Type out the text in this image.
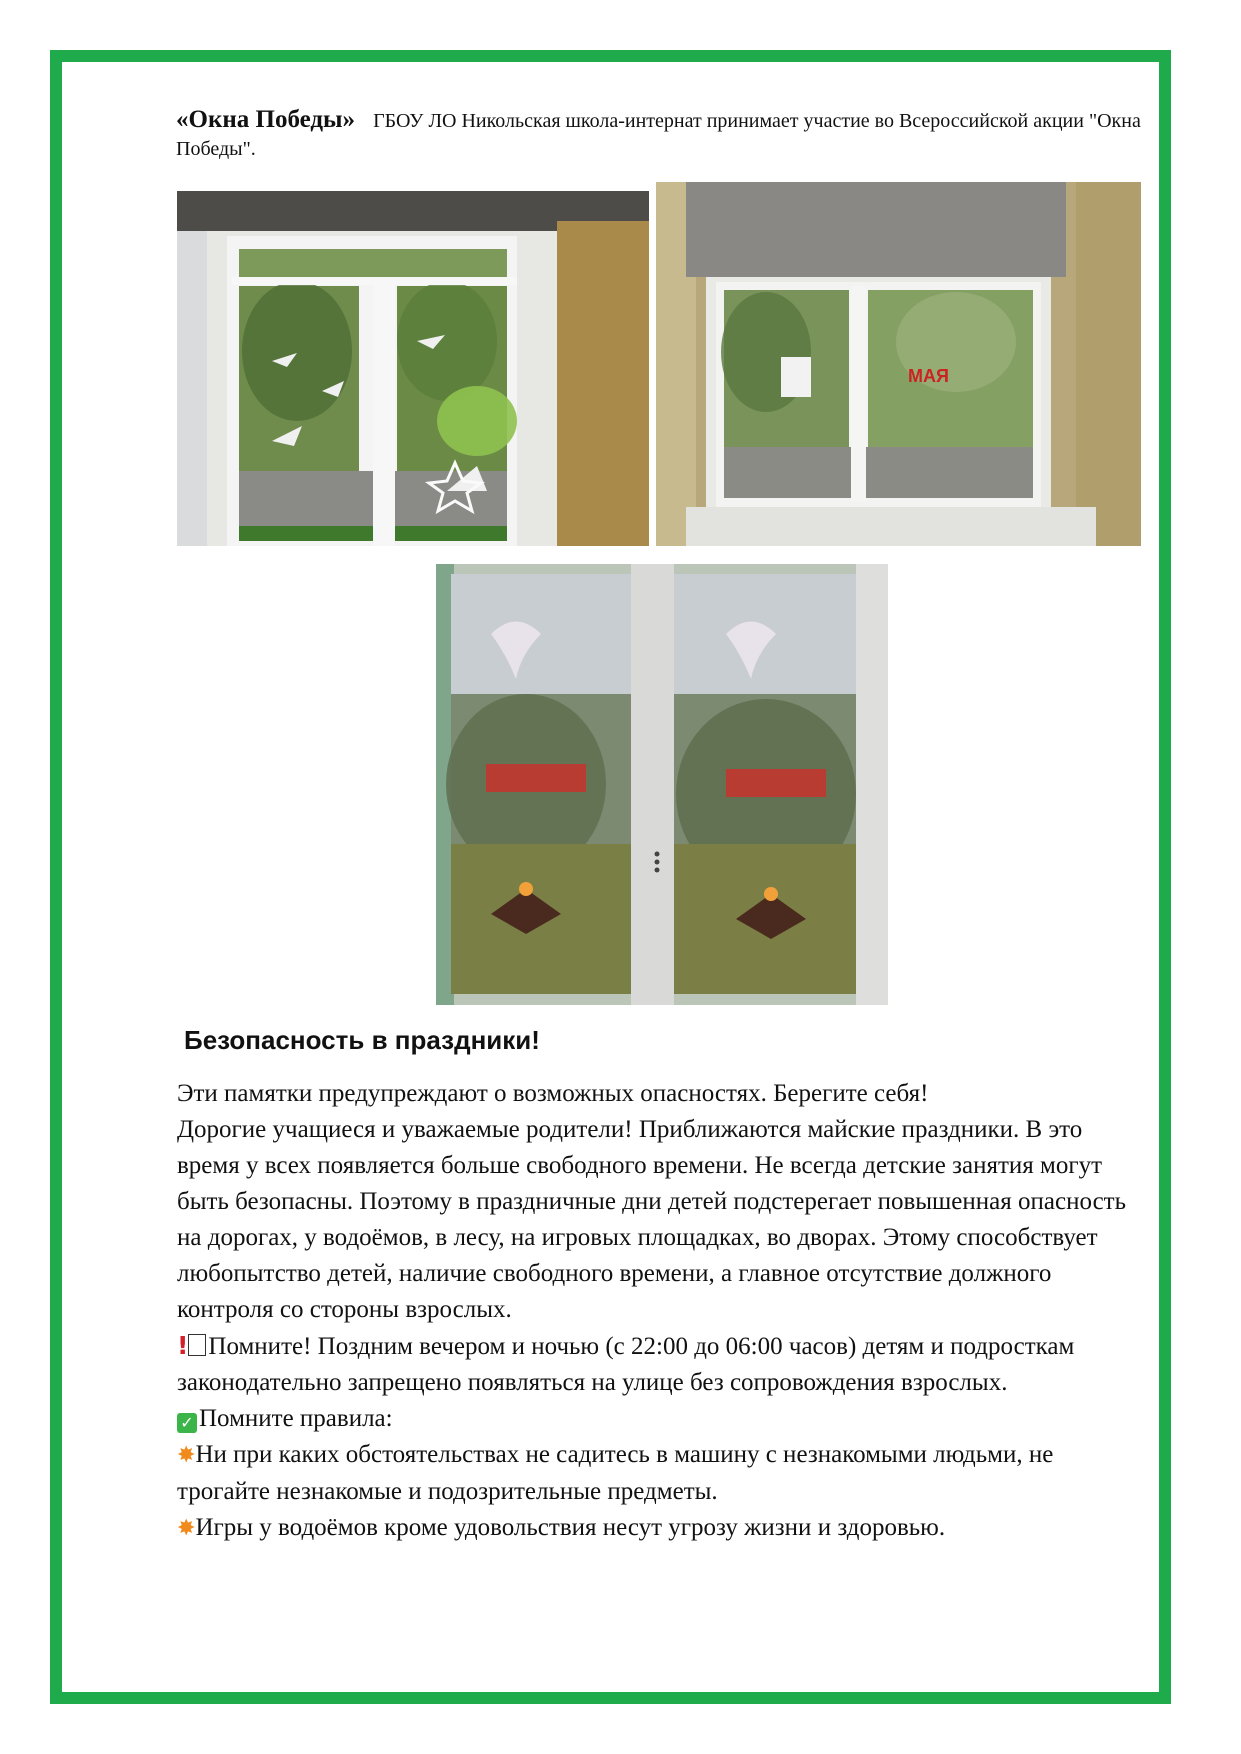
«Окна Победы» ГБОУ ЛО Никольская школа-интернат принимает участие во Всероссийской акции "Окна Победы".
МАЯ
Безопасность в праздники!

Эти памятки предупреждают о возможных опасностях. Берегите себя!

Дорогие учащиеся и уважаемые родители! Приближаются майские праздники. В это время у всех появляется больше свободного времени. Не всегда детские занятия могут быть безопасны. Поэтому в праздничные дни детей подстерегает повышенная опасность на дорогах, у водоёмов, в лесу, на игровых площадках, во дворах. Этому способствует любопытство детей, наличие свободного времени, а главное отсутствие должного контроля со стороны взрослых.

! Помните! Поздним вечером и ночью (с 22:00 до 06:00 часов) детям и подросткам законодательно запрещено появляться на улице без сопровождения взрослых.

✓ Помните правила:

✸Ни при каких обстоятельствах не садитесь в машину с незнакомыми людьми, не трогайте незнакомые и подозрительные предметы.

✸Игры у водоёмов кроме удовольствия несут угрозу жизни и здоровью.
